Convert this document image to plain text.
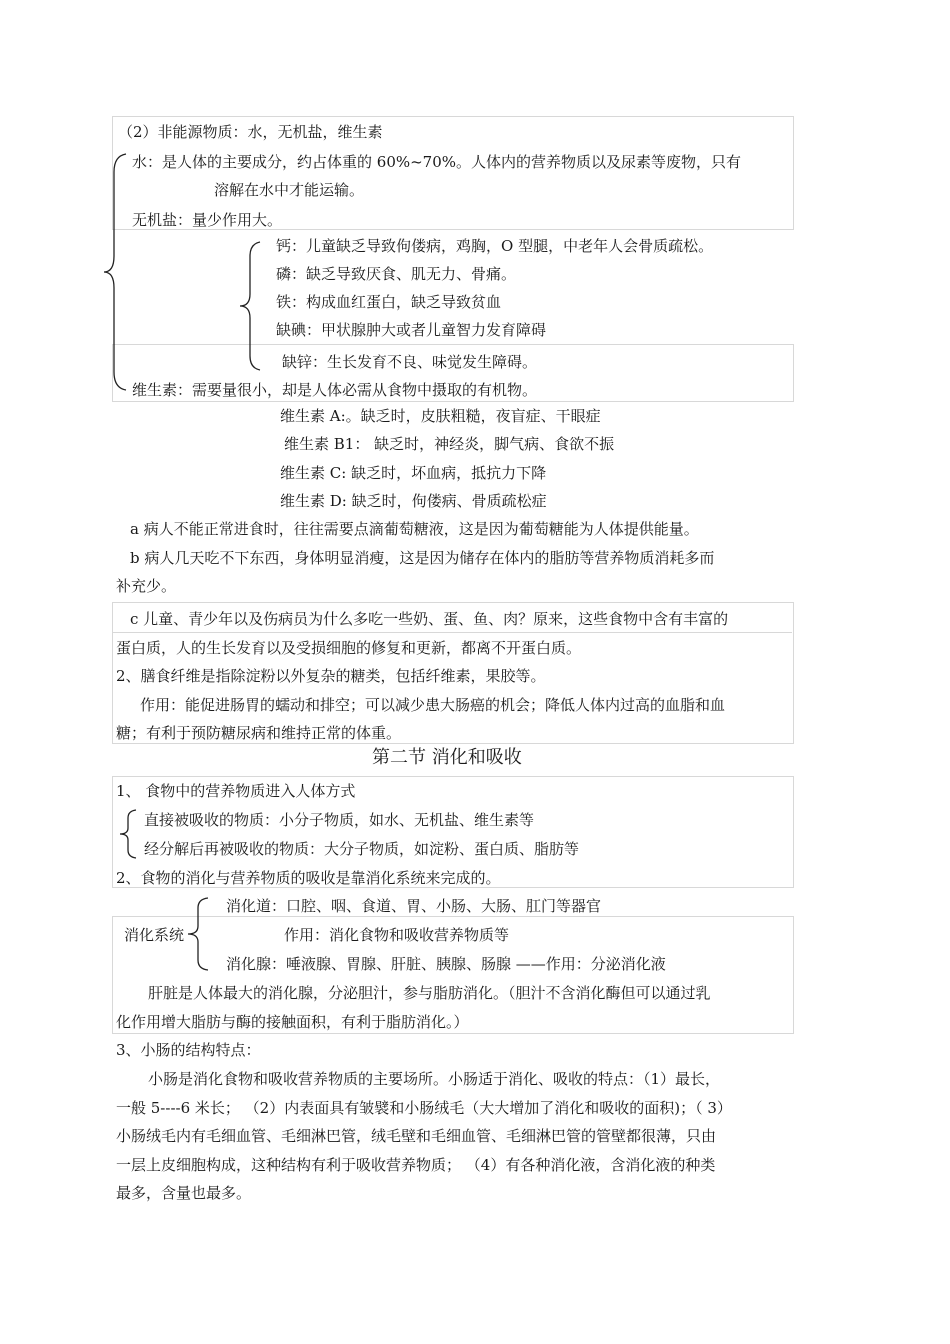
（2）非能源物质：水，无机盐，维生素
水：是人体的主要成分，约占体重的 60%~70%。人体内的营养物质以及尿素等废物，只有
溶解在水中才能运输。
无机盐：量少作用大。
钙：儿童缺乏导致佝偻病，鸡胸，O 型腿，中老年人会骨质疏松。
磷：缺乏导致厌食、肌无力、骨痛。
铁：构成血红蛋白，缺乏导致贫血
缺碘：甲状腺肿大或者儿童智力发育障碍
缺锌：生长发育不良、味觉发生障碍。
维生素：需要量很小，却是人体必需从食物中摄取的有机物。
维生素 A:。缺乏时，皮肤粗糙，夜盲症、干眼症
维生素 B1： 缺乏时，神经炎，脚气病、食欲不振
维生素 C: 缺乏时，坏血病，抵抗力下降
维生素 D: 缺乏时，佝偻病、骨质疏松症
a 病人不能正常进食时，往往需要点滴葡萄糖液，这是因为葡萄糖能为人体提供能量。
b 病人几天吃不下东西，身体明显消瘦，这是因为储存在体内的脂肪等营养物质消耗多而
补充少。
c 儿童、青少年以及伤病员为什么多吃一些奶、蛋、鱼、肉？原来，这些食物中含有丰富的
蛋白质，人的生长发育以及受损细胞的修复和更新，都离不开蛋白质。
2、膳食纤维是指除淀粉以外复杂的糖类，包括纤维素，果胶等。
作用：能促进肠胃的蠕动和排空；可以减少患大肠癌的机会；降低人体内过高的血脂和血
糖；有利于预防糖尿病和维持正常的体重。
第二节 消化和吸收
1、 食物中的营养物质进入人体方式
直接被吸收的物质：小分子物质，如水、无机盐、维生素等
经分解后再被吸收的物质：大分子物质，如淀粉、蛋白质、脂肪等
2、食物的消化与营养物质的吸收是靠消化系统来完成的。
消化道：口腔、咽、食道、胃、小肠、大肠、肛门等器官
消化系统	作用：消化食物和吸收营养物质等
消化腺：唾液腺、胃腺、肝脏、胰腺、肠腺 ——作用：分泌消化液
肝脏是人体最大的消化腺，分泌胆汁，参与脂肪消化。（胆汁不含消化酶但可以通过乳
化作用增大脂肪与酶的接触面积，有利于脂肪消化。）
3、小肠的结构特点：
小肠是消化食物和吸收营养物质的主要场所。小肠适于消化、吸收的特点：（1）最长，
一般 5----6 米长； （2）内表面具有皱襞和小肠绒毛（大大增加了消化和吸收的面积)；（ 3）
小肠绒毛内有毛细血管、毛细淋巴管，绒毛壁和毛细血管、毛细淋巴管的管壁都很薄，只由
一层上皮细胞构成，这种结构有利于吸收营养物质； （4）有各种消化液，含消化液的种类
最多，含量也最多。
